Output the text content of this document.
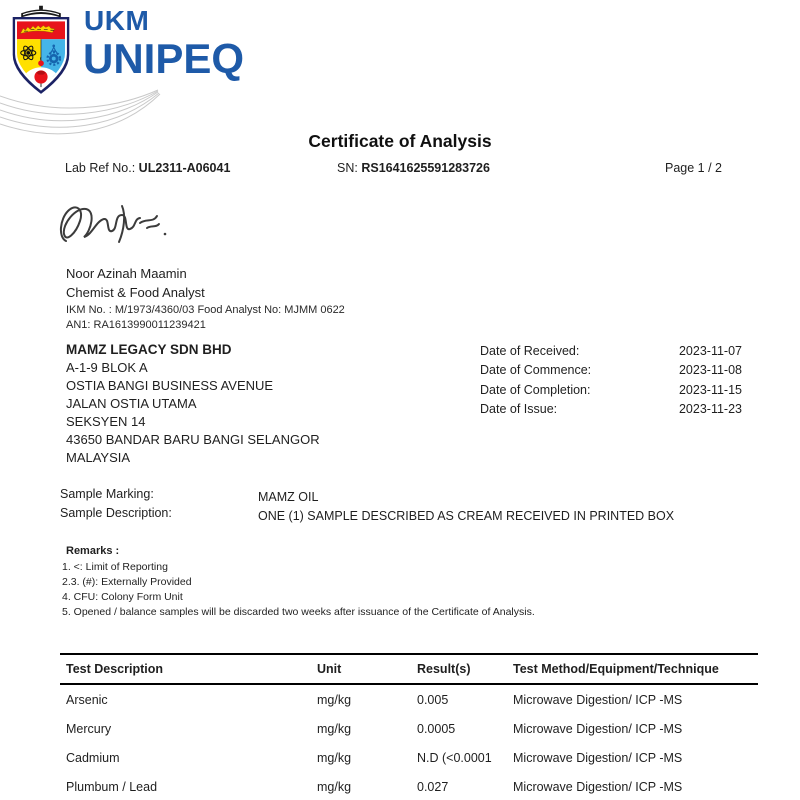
UKM
UNIPEQ
Certificate of Analysis
Lab Ref No.: UL2311-A06041	SN: RS1641625591283726	Page 1 / 2
Noor Azinah Maamin
Chemist & Food Analyst
IKM No. : M/1973/4360/03 Food Analyst No: MJMM 0622
AN1: RA1613990011239421
MAMZ LEGACY SDN BHD
A-1-9 BLOK A
OSTIA BANGI BUSINESS AVENUE
JALAN OSTIA UTAMA
SEKSYEN 14
43650 BANDAR BARU BANGI SELANGOR
MALAYSIA
Date of Received:	2023-11-07
Date of Commence:	2023-11-08
Date of Completion:	2023-11-15
Date of Issue:	2023-11-23
Sample Marking:	MAMZ OIL
Sample Description:	ONE (1) SAMPLE DESCRIBED AS CREAM RECEIVED IN PRINTED BOX
Remarks :
1. <: Limit of Reporting
2.3. (#): Externally Provided
4. CFU: Colony Form Unit
5. Opened / balance samples will be discarded two weeks after issuance of the Certificate of Analysis.
Test Description	Unit	Result(s)	Test Method/Equipment/Technique
Arsenic	mg/kg	0.005	Microwave Digestion/ ICP -MS
Mercury	mg/kg	0.0005	Microwave Digestion/ ICP -MS
Cadmium	mg/kg	N.D (<0.0001	Microwave Digestion/ ICP -MS
Plumbum / Lead	mg/kg	0.027	Microwave Digestion/ ICP -MS
